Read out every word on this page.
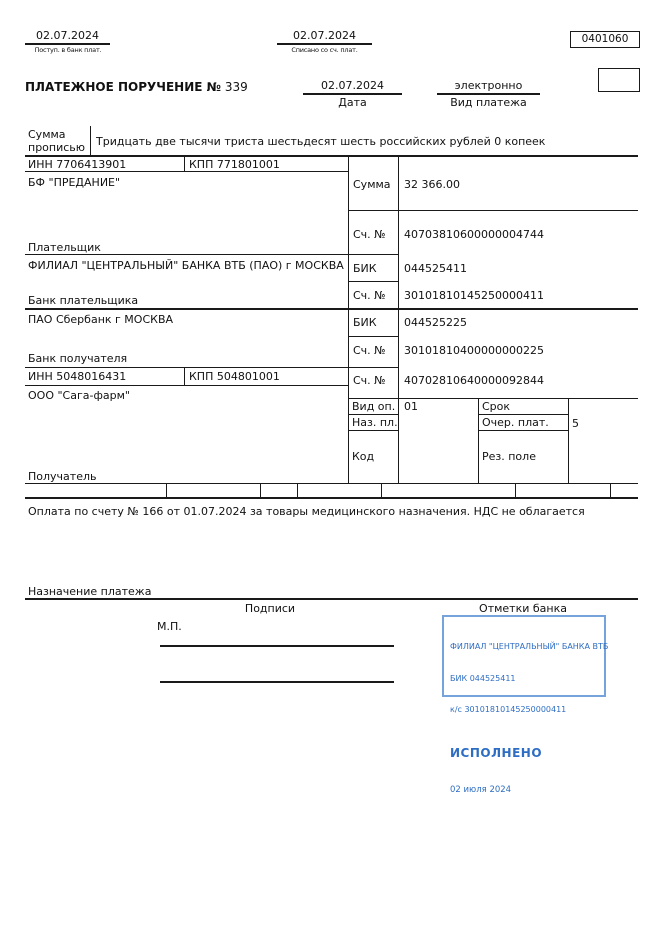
02.07.2024
Поступ. в банк плат.
02.07.2024
Списано со сч. плат.
0401060
ПЛАТЕЖНОЕ ПОРУЧЕНИЕ № 339	02.07.2024
Дата
электронно
Вид платежа
Сумма прописью Тридцать две тысячи триста шестьдесят шесть российских рублей 0 копеек
ИНН 7706413901	КПП 771801001
БФ "ПРЕДАНИЕ"
Плательщик
Сумма 32 366.00
Сч. № 40703810600000004744
ФИЛИАЛ "ЦЕНТРАЛЬНЫЙ" БАНКА ВТБ (ПАО) г МОСКВА
Банк плательщика
БИК 044525411
Сч. № 30101810145250000411
ПАО Сбербанк г МОСКВА
Банк получателя
БИК 044525225
Сч. № 30101810400000000225
ИНН 5048016431	КПП 504801001
ООО "Сага-фарм"
Получатель
Сч. № 40702810640000092844
Вид оп. 01	Срок
Наз. пл.	Очер. плат. 5
Код	Рез. поле
Оплата по счету № 166 от 01.07.2024 за товары медицинского назначения. НДС не облагается
Назначение платежа
Подписи	Отметки банка
М.П.

ФИЛИАЛ "ЦЕНТРАЛЬНЫЙ" БАНКА ВТБ

БИК 044525411

к/с 30101810145250000411

ИСПОЛНЕНО

02 июля 2024
